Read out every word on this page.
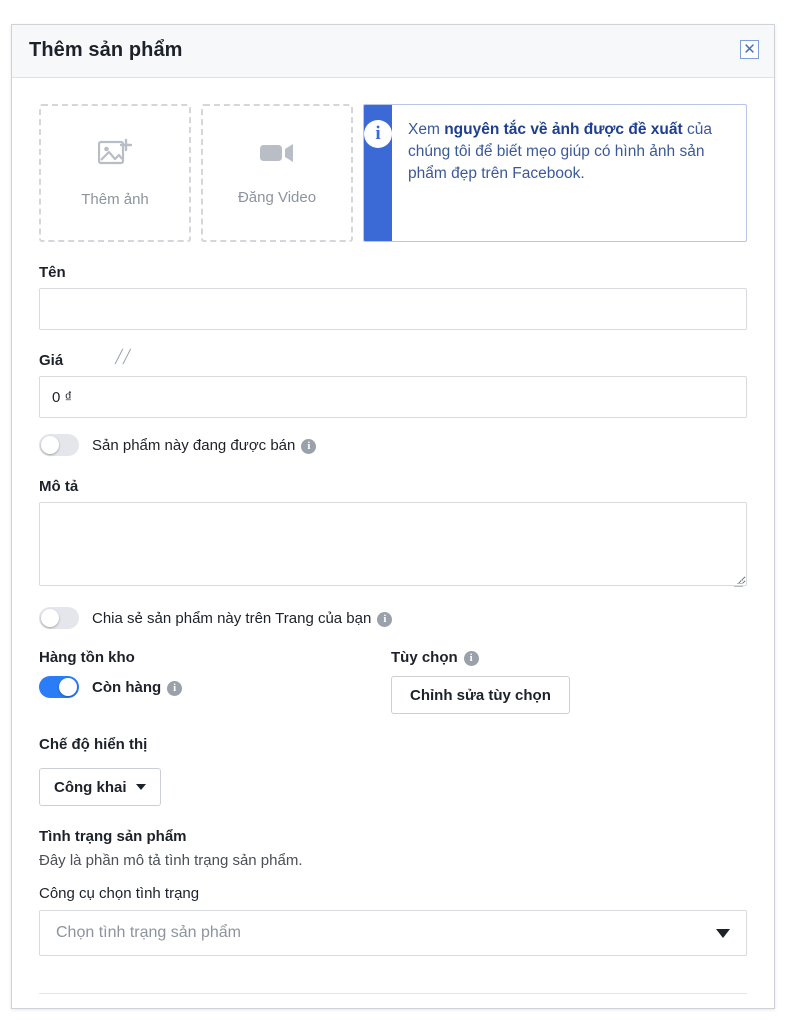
Thêm sản phẩm	✕
Thêm ảnh	Đăng Video
i	Xem nguyên tắc về ảnh được đề xuất của chúng tôi để biết mẹo giúp có hình ảnh sản phẩm đẹp trên Facebook.
╱╱
Tên
Giá
0 ₫
Sản phẩm này đang được bán i
Mô tả
Chia sẻ sản phẩm này trên Trang của bạn i
Hàng tồn kho
Còn hàng i
Tùy chọn i
Chỉnh sửa tùy chọn
Chế độ hiển thị
Công khai
Tình trạng sản phẩm
Đây là phần mô tả tình trạng sản phẩm.
Công cụ chọn tình trạng
Chọn tình trạng sản phẩm
